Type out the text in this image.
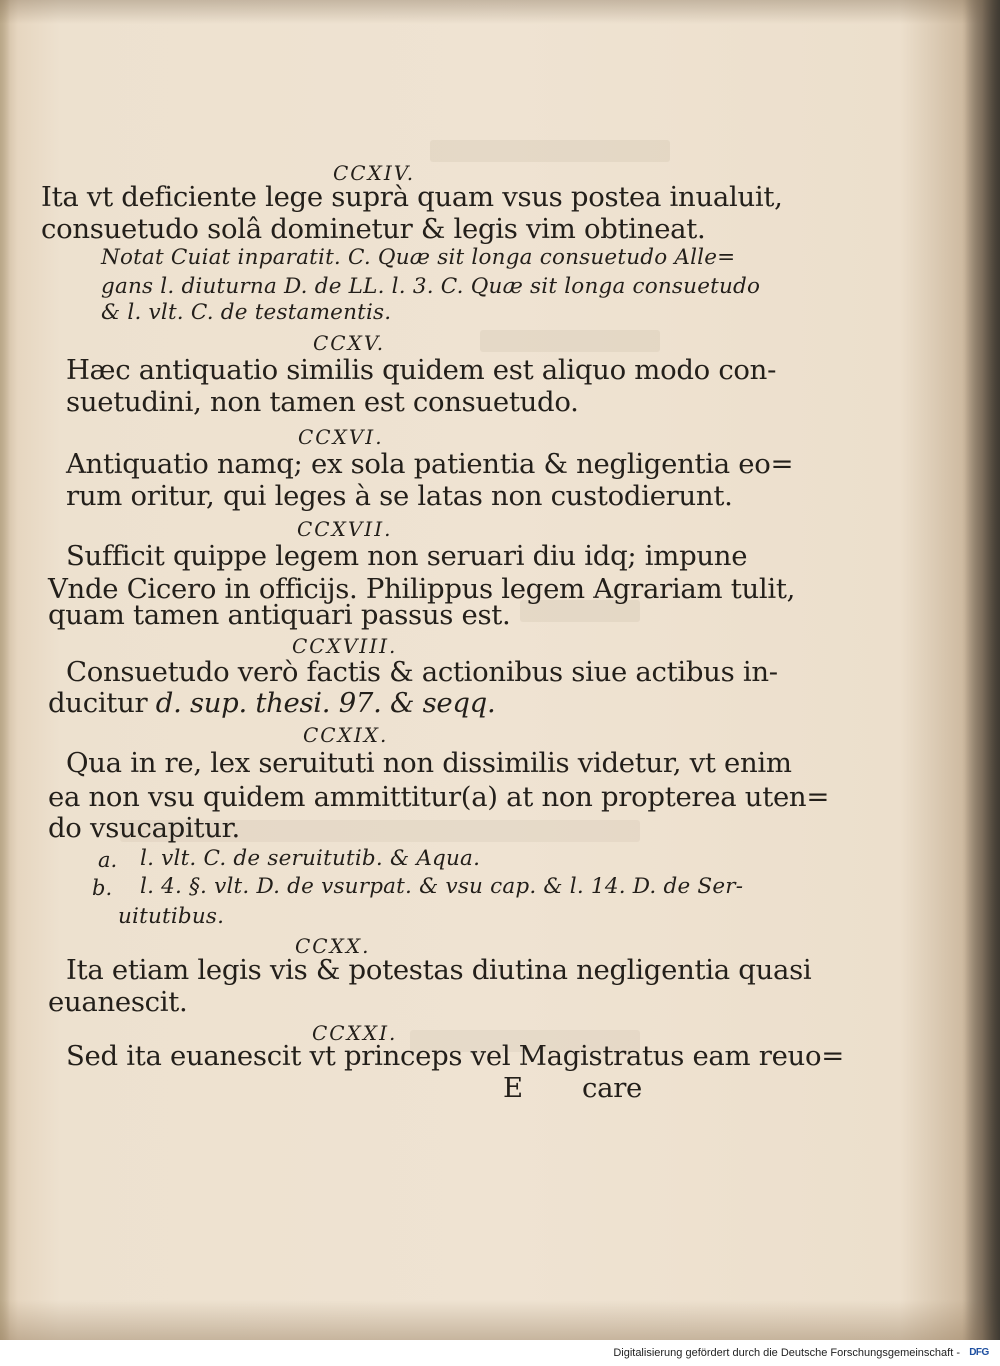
CCXIV.
Ita vt deficiente lege suprà quam vsus postea inualuit,
consuetudo solâ dominetur & legis vim obtineat.
Notat Cuiat inparatit. C. Quæ sit longa consuetudo Alle=
gans l. diuturna D. de LL. l. 3. C. Quæ sit longa consuetudo
& l. vlt. C. de testamentis.
CCXV.
Hæc antiquatio similis quidem est aliquo modo con-
suetudini, non tamen est consuetudo.
CCXVI.
Antiquatio namq; ex sola patientia & negligentia eo=
rum oritur, qui leges à se latas non custodierunt.
CCXVII.
Sufficit quippe legem non seruari diu idq; impune
Vnde Cicero in officijs. Philippus legem Agrariam tulit,
quam tamen antiquari passus est.
CCXVIII.
Consuetudo verò factis & actionibus siue actibus in-
ducitur d. sup. thesi. 97. & seqq.
CCXIX.
Qua in re, lex seruituti non dissimilis videtur, vt enim
ea non vsu quidem ammittitur(a) at non propterea uten=
do vsucapitur.
a. l. vlt. C. de seruitutib. & Aqua.
b. l. 4. §. vlt. D. de vsurpat. & vsu cap. & l. 14. D. de Ser-
uitutibus.
CCXX.
Ita etiam legis vis & potestas diutina negligentia quasi
euanescit.
CCXXI.
Sed ita euanescit vt princeps vel Magistratus eam reuo=
E care
Digitalisierung gefördert durch die Deutsche Forschungsgemeinschaft - DFG
